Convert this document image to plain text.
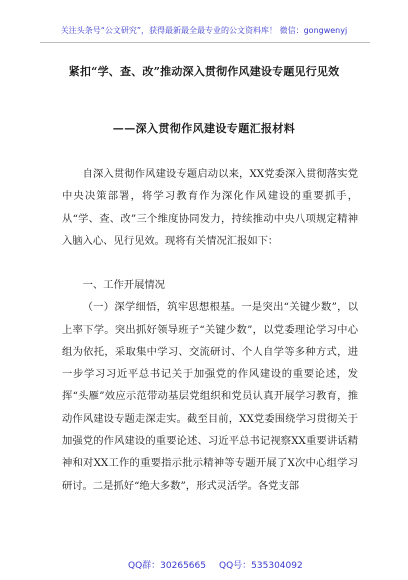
关注头条号“公文研究”，获得最新最全最专业的公文资料库！ 微信：gongwenyj
紧扣“学、查、改”推动深入贯彻作风建设专题见行见效
——深入贯彻作风建设专题汇报材料

自深入贯彻作风建设专题启动以来，XX党委深入贯彻落实党中央决策部署，将学习教育作为深化作风建设的重要抓手，从“学、查、改”三个维度协同发力，持续推动中央八项规定精神入脑入心、见行见效。现将有关情况汇报如下：

一、工作开展情况

（一）深学细悟，筑牢思想根基。一是突出“关键少数”，以上率下学。突出抓好领导班子“关键少数”，以党委理论学习中心组为依托，采取集中学习、交流研讨、个人自学等多种方式，进一步学习习近平总书记关于加强党的作风建设的重要论述，发挥“头雁”效应示范带动基层党组织和党员认真开展学习教育，推动作风建设专题走深走实。截至目前，XX党委围绕学习贯彻关于加强党的作风建设的重要论述、习近平总书记视察XX重要讲话精神和对XX工作的重要指示批示精神等专题开展了X次中心组学习研讨。二是抓好“绝大多数”，形式灵活学。各党支部

QQ群：30265665 QQ号：535304092
